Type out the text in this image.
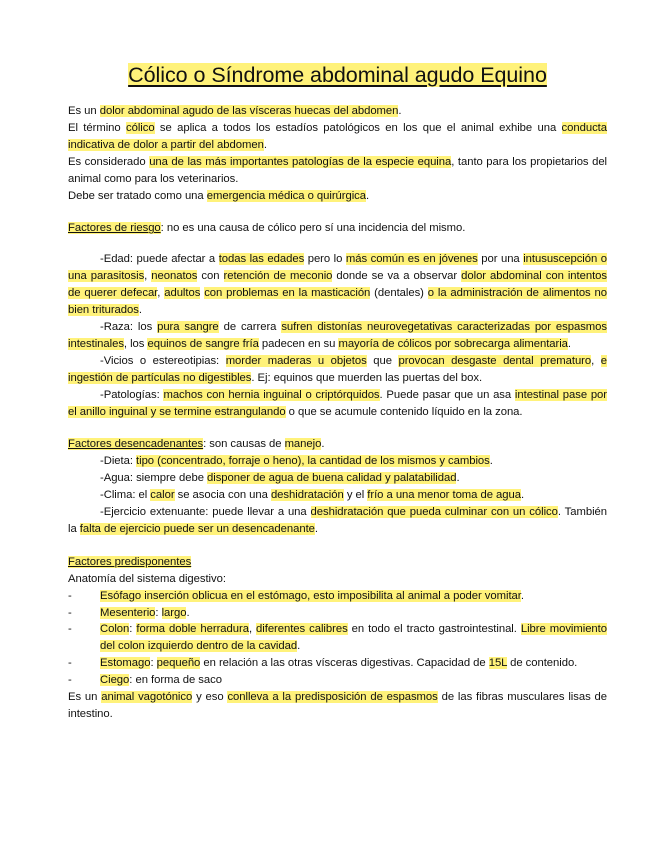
Cólico o Síndrome abdominal agudo Equino

Es un dolor abdominal agudo de las vísceras huecas del abdomen.

El término cólico se aplica a todos los estadíos patológicos en los que el animal exhibe una conducta indicativa de dolor a partir del abdomen.

Es considerado una de las más importantes patologías de la especie equina, tanto para los propietarios del animal como para los veterinarios.

Debe ser tratado como una emergencia médica o quirúrgica.

Factores de riesgo: no es una causa de cólico pero sí una incidencia del mismo.

-Edad: puede afectar a todas las edades pero lo más común es en jóvenes por una intususcepción o una parasitosis, neonatos con retención de meconio donde se va a observar dolor abdominal con intentos de querer defecar, adultos con problemas en la masticación (dentales) o la administración de alimentos no bien triturados.

-Raza: los pura sangre de carrera sufren distonías neurovegetativas caracterizadas por espasmos intestinales, los equinos de sangre fría padecen en su mayoría de cólicos por sobrecarga alimentaria.

-Vicios o estereotipias: morder maderas u objetos que provocan desgaste dental prematuro, e ingestión de partículas no digestibles. Ej: equinos que muerden las puertas del box.

-Patologías: machos con hernia inguinal o criptórquidos. Puede pasar que un asa intestinal pase por el anillo inguinal y se termine estrangulando o que se acumule contenido líquido en la zona.

Factores desencadenantes: son causas de manejo.

-Dieta: tipo (concentrado, forraje o heno), la cantidad de los mismos y cambios.

-Agua: siempre debe disponer de agua de buena calidad y palatabilidad.

-Clima: el calor se asocia con una deshidratación y el frío a una menor toma de agua.

-Ejercicio extenuante: puede llevar a una deshidratación que pueda culminar con un cólico. También la falta de ejercicio puede ser un desencadenante.

Factores predisponentes

Anatomía del sistema digestivo:

-	Esófago inserción oblicua en el estómago, esto imposibilita al animal a poder vomitar.
-	Mesenterio: largo.
-	Colon: forma doble herradura, diferentes calibres en todo el tracto gastrointestinal. Libre movimiento del colon izquierdo dentro de la cavidad.
-	Estomago: pequeño en relación a las otras vísceras digestivas. Capacidad de 15L de contenido.
-	Ciego: en forma de saco

Es un animal vagotónico y eso conlleva a la predisposición de espasmos de las fibras musculares lisas de intestino.
